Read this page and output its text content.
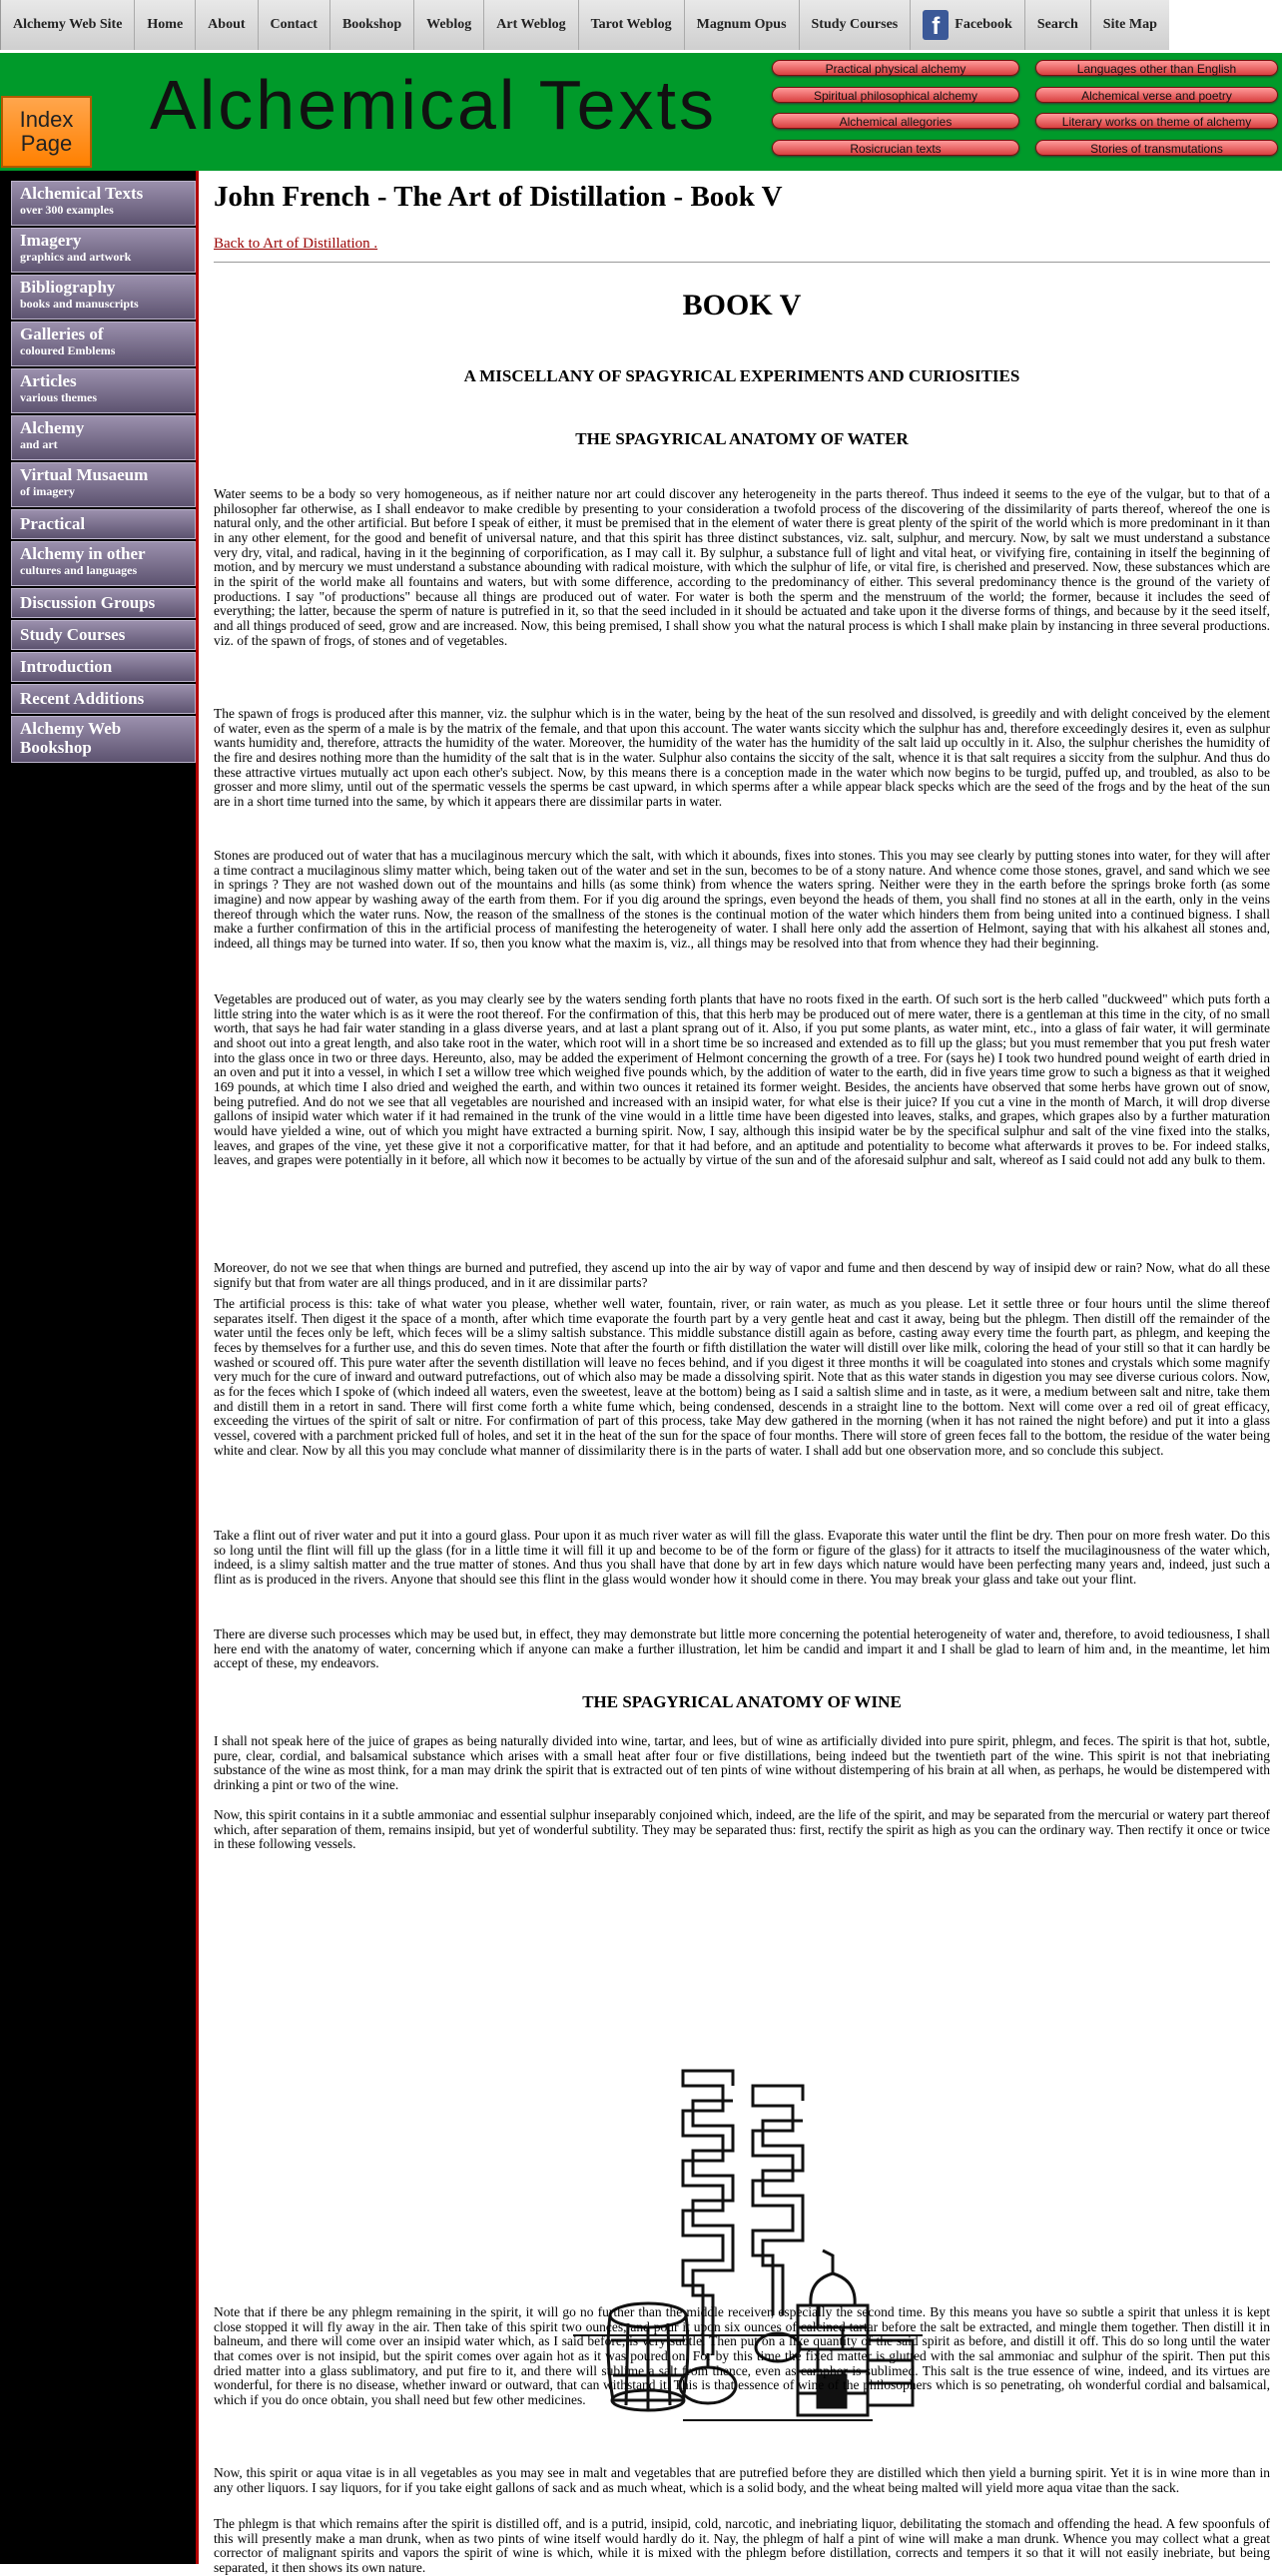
Alchemy Web Site	Home	About	Contact	Bookshop	Weblog	Art Weblog	Tarot Weblog	Magnum Opus	Study Courses	f	Facebook	Search	Site Map
Index
Page Alchemical Texts	Practical physical alchemy
Spiritual philosophical alchemy
Alchemical allegories
Rosicrucian texts
Languages other than English
Alchemical verse and poetry
Literary works on theme of alchemy
Stories of transmutations
Alchemical Texts
over 300 examples
Imagery
graphics and artwork
Bibliography
books and manuscripts
Galleries of
coloured Emblems
Articles
various themes
Alchemy
and art
Virtual Musaeum
of imagery
Practical
Alchemy in other
cultures and languages
Discussion Groups
Study Courses
Introduction
Recent Additions
Alchemy Web Bookshop
John French - The Art of Distillation - Book V
Back to Art of Distillation .
BOOK V
A MISCELLANY OF SPAGYRICAL EXPERIMENTS AND CURIOSITIES
THE SPAGYRICAL ANATOMY OF WATER
Water seems to be a body so very homogeneous, as if neither nature nor art could discover any heterogeneity in the parts thereof. Thus indeed it seems to the eye of the vulgar, but to that of a philosopher far otherwise, as I shall endeavor to make credible by presenting to your consideration a twofold process of the discovering of the dissimilarity of parts thereof, whereof the one is natural only, and the other artificial. But before I speak of either, it must be premised that in the element of water there is great plenty of the spirit of the world which is more predominant in it than in any other element, for the good and benefit of universal nature, and that this spirit has three distinct substances, viz. salt, sulphur, and mercury. Now, by salt we must understand a substance very dry, vital, and radical, having in it the beginning of corporification, as I may call it. By sulphur, a substance full of light and vital heat, or vivifying fire, containing in itself the beginning of motion, and by mercury we must understand a substance abounding with radical moisture, with which the sulphur of life, or vital fire, is cherished and preserved. Now, these substances which are in the spirit of the world make all fountains and waters, but with some difference, according to the predominancy of either. This several predominancy thence is the ground of the variety of productions. I say "of productions" because all things are produced out of water. For water is both the sperm and the menstruum of the world; the former, because it includes the seed of everything; the latter, because the sperm of nature is putrefied in it, so that the seed included in it should be actuated and take upon it the diverse forms of things, and because by it the seed itself, and all things produced of seed, grow and are increased. Now, this being premised, I shall show you what the natural process is which I shall make plain by instancing in three several productions. viz. of the spawn of frogs, of stones and of vegetables.
The spawn of frogs is produced after this manner, viz. the sulphur which is in the water, being by the heat of the sun resolved and dissolved, is greedily and with delight conceived by the element of water, even as the sperm of a male is by the matrix of the female, and that upon this account. The water wants siccity which the sulphur has and, therefore exceedingly desires it, even as sulphur wants humidity and, therefore, attracts the humidity of the water. Moreover, the humidity of the water has the humidity of the salt laid up occultly in it. Also, the sulphur cherishes the humidity of the fire and desires nothing more than the humidity of the salt that is in the water. Sulphur also contains the siccity of the salt, whence it is that salt requires a siccity from the sulphur. And thus do these attractive virtues mutually act upon each other's subject. Now, by this means there is a conception made in the water which now begins to be turgid, puffed up, and troubled, as also to be grosser and more slimy, until out of the spermatic vessels the sperms be cast upward, in which sperms after a while appear black specks which are the seed of the frogs and by the heat of the sun are in a short time turned into the same, by which it appears there are dissimilar parts in water.
Stones are produced out of water that has a mucilaginous mercury which the salt, with which it abounds, fixes into stones. This you may see clearly by putting stones into water, for they will after a time contract a mucilaginous slimy matter which, being taken out of the water and set in the sun, becomes to be of a stony nature. And whence come those stones, gravel, and sand which we see in springs ? They are not washed down out of the mountains and hills (as some think) from whence the waters spring. Neither were they in the earth before the springs broke forth (as some imagine) and now appear by washing away of the earth from them. For if you dig around the springs, even beyond the heads of them, you shall find no stones at all in the earth, only in the veins thereof through which the water runs. Now, the reason of the smallness of the stones is the continual motion of the water which hinders them from being united into a continued bigness. I shall make a further confirmation of this in the artificial process of manifesting the heterogeneity of water. I shall here only add the assertion of Helmont, saying that with his alkahest all stones and, indeed, all things may be turned into water. If so, then you know what the maxim is, viz., all things may be resolved into that from whence they had their beginning.
Vegetables are produced out of water, as you may clearly see by the waters sending forth plants that have no roots fixed in the earth. Of such sort is the herb called "duckweed" which puts forth a little string into the water which is as it were the root thereof. For the confirmation of this, that this herb may be produced out of mere water, there is a gentleman at this time in the city, of no small worth, that says he had fair water standing in a glass diverse years, and at last a plant sprang out of it. Also, if you put some plants, as water mint, etc., into a glass of fair water, it will germinate and shoot out into a great length, and also take root in the water, which root will in a short time be so increased and extended as to fill up the glass; but you must remember that you put fresh water into the glass once in two or three days. Hereunto, also, may be added the experiment of Helmont concerning the growth of a tree. For (says he) I took two hundred pound weight of earth dried in an oven and put it into a vessel, in which I set a willow tree which weighed five pounds which, by the addition of water to the earth, did in five years time grow to such a bigness as that it weighed 169 pounds, at which time I also dried and weighed the earth, and within two ounces it retained its former weight. Besides, the ancients have observed that some herbs have grown out of snow, being putrefied. And do not we see that all vegetables are nourished and increased with an insipid water, for what else is their juice? If you cut a vine in the month of March, it will drop diverse gallons of insipid water which water if it had remained in the trunk of the vine would in a little time have been digested into leaves, stalks, and grapes, which grapes also by a further maturation would have yielded a wine, out of which you might have extracted a burning spirit. Now, I say, although this insipid water be by the specifical sulphur and salt of the vine fixed into the stalks, leaves, and grapes of the vine, yet these give it not a corporificative matter, for that it had before, and an aptitude and potentiality to become what afterwards it proves to be. For indeed stalks, leaves, and grapes were potentially in it before, all which now it becomes to be actually by virtue of the sun and of the aforesaid sulphur and salt, whereof as I said could not add any bulk to them.
Moreover, do not we see that when things are burned and putrefied, they ascend up into the air by way of vapor and fume and then descend by way of insipid dew or rain? Now, what do all these signify but that from water are all things produced, and in it are dissimilar parts?
The artificial process is this: take of what water you please, whether well water, fountain, river, or rain water, as much as you please. Let it settle three or four hours until the slime thereof separates itself. Then digest it the space of a month, after which time evaporate the fourth part by a very gentle heat and cast it away, being but the phlegm. Then distill off the remainder of the water until the feces only be left, which feces will be a slimy saltish substance. This middle substance distill again as before, casting away every time the fourth part, as phlegm, and keeping the feces by themselves for a further use, and this do seven times. Note that after the fourth or fifth distillation the water will distill over like milk, coloring the head of your still so that it can hardly be washed or scoured off. This pure water after the seventh distillation will leave no feces behind, and if you digest it three months it will be coagulated into stones and crystals which some magnify very much for the cure of inward and outward putrefactions, out of which also may be made a dissolving spirit. Note that as this water stands in digestion you may see diverse curious colors. Now, as for the feces which I spoke of (which indeed all waters, even the sweetest, leave at the bottom) being as I said a saltish slime and in taste, as it were, a medium between salt and nitre, take them and distill them in a retort in sand. There will first come forth a white fume which, being condensed, descends in a straight line to the bottom. Next will come over a red oil of great efficacy, exceeding the virtues of the spirit of salt or nitre. For confirmation of part of this process, take May dew gathered in the morning (when it has not rained the night before) and put it into a glass vessel, covered with a parchment pricked full of holes, and set it in the heat of the sun for the space of four months. There will store of green feces fall to the bottom, the residue of the water being white and clear. Now by all this you may conclude what manner of dissimilarity there is in the parts of water. I shall add but one observation more, and so conclude this subject.
Take a flint out of river water and put it into a gourd glass. Pour upon it as much river water as will fill the glass. Evaporate this water until the flint be dry. Then pour on more fresh water. Do this so long until the flint will fill up the glass (for in a little time it will fill it up and become to be of the form or figure of the glass) for it attracts to itself the mucilaginousness of the water which, indeed, is a slimy saltish matter and the true matter of stones. And thus you shall have that done by art in few days which nature would have been perfecting many years and, indeed, just such a flint as is produced in the rivers. Anyone that should see this flint in the glass would wonder how it should come in there. You may break your glass and take out your flint.
There are diverse such processes which may be used but, in effect, they may demonstrate but little more concerning the potential heterogeneity of water and, therefore, to avoid tediousness, I shall here end with the anatomy of water, concerning which if anyone can make a further illustration, let him be candid and impart it and I shall be glad to learn of him and, in the meantime, let him accept of these, my endeavors.
THE SPAGYRICAL ANATOMY OF WINE
I shall not speak here of the juice of grapes as being naturally divided into wine, tartar, and lees, but of wine as artificially divided into pure spirit, phlegm, and feces. The spirit is that hot, subtle, pure, clear, cordial, and balsamical substance which arises with a small heat after four or five distillations, being indeed but the twentieth part of the wine. This spirit is not that inebriating substance of the wine as most think, for a man may drink the spirit that is extracted out of ten pints of wine without distempering of his brain at all when, as perhaps, he would be distempered with drinking a pint or two of the wine.
Now, this spirit contains in it a subtle ammoniac and essential sulphur inseparably conjoined which, indeed, are the life of the spirit, and may be separated from the mercurial or watery part thereof which, after separation of them, remains insipid, but yet of wonderful subtility. They may be separated thus: first, rectify the spirit as high as you can the ordinary way. Then rectify it once or twice in these following vessels.
Note that if there be any phlegm remaining in the spirit, it will go no further than the middle receiver, especially the second time. By this means you have so subtle a spirit that unless it is kept close stopped it will fly away in the air. Then take of this spirit two ounces, and pour it upon six ounces of calcined tartar before the salt be extracted, and mingle them together. Then distill it in balneum, and there will come over an insipid water which, as I said before, is very subtle. Then put on a like quantity of the said spirit as before, and distill it off. This do so long until the water that comes over is not insipid, but the spirit comes over again hot as it was poured on. For by this time the fixed matter is glutted with the sal ammoniac and sulphur of the spirit. Then put this dried matter into a glass sublimatory, and put fire to it, and there will sublime a salt from thence, even as camphor is sublimed. This salt is the true essence of wine, indeed, and its virtues are wonderful, for there is no disease, whether inward or outward, that can withstand it. This is that essence of wine of the philosophers which is so penetrating, oh wonderful cordial and balsamical, which if you do once obtain, you shall need but few other medicines.
Now, this spirit or aqua vitae is in all vegetables as you may see in malt and vegetables that are putrefied before they are distilled which then yield a burning spirit. Yet it is in wine more than in any other liquors. I say liquors, for if you take eight gallons of sack and as much wheat, which is a solid body, and the wheat being malted will yield more aqua vitae than the sack.
The phlegm is that which remains after the spirit is distilled off, and is a putrid, insipid, cold, narcotic, and inebriating liquor, debilitating the stomach and offending the head. A few spoonfuls of this will presently make a man drunk, when as two pints of wine itself would hardly do it. Nay, the phlegm of half a pint of wine will make a man drunk. Whence you may collect what a great corrector of malignant spirits and vapors the spirit of wine is which, while it is mixed with the phlegm before distillation, corrects and tempers it so that it will not easily inebriate, but being separated, it then shows its own nature.
